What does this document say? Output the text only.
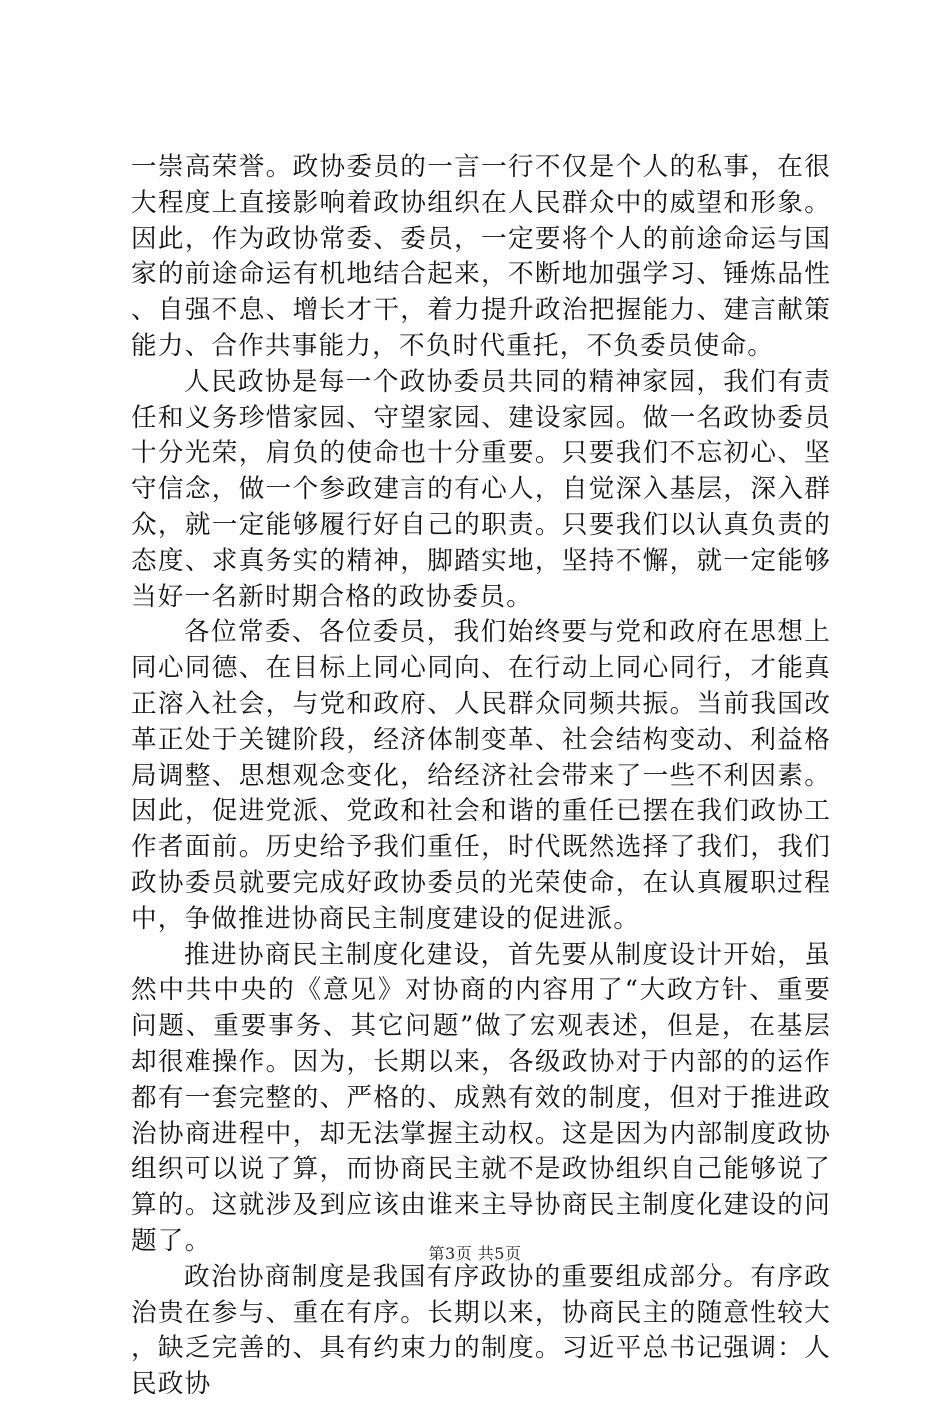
一崇高荣誉。政协委员的一言一行不仅是个人的私事，在很大程度上直接影响着政协组织在人民群众中的威望和形象。因此，作为政协常委、委员，一定要将个人的前途命运与国家的前途命运有机地结合起来，不断地加强学习、锤炼品性、自强不息、增长才干，着力提升政治把握能力、建言献策能力、合作共事能力，不负时代重托，不负委员使命。

人民政协是每一个政协委员共同的精神家园，我们有责任和义务珍惜家园、守望家园、建设家园。做一名政协委员十分光荣，肩负的使命也十分重要。只要我们不忘初心、坚守信念，做一个参政建言的有心人，自觉深入基层，深入群众，就一定能够履行好自己的职责。只要我们以认真负责的态度、求真务实的精神，脚踏实地，坚持不懈，就一定能够当好一名新时期合格的政协委员。

各位常委、各位委员，我们始终要与党和政府在思想上同心同德、在目标上同心同向、在行动上同心同行，才能真正溶入社会，与党和政府、人民群众同频共振。当前我国改革正处于关键阶段，经济体制变革、社会结构变动、利益格局调整、思想观念变化，给经济社会带来了一些不利因素。因此，促进党派、党政和社会和谐的重任已摆在我们政协工作者面前。历史给予我们重任，时代既然选择了我们，我们政协委员就要完成好政协委员的光荣使命，在认真履职过程中，争做推进协商民主制度建设的促进派。

推进协商民主制度化建设，首先要从制度设计开始，虽然中共中央的《意见》对协商的内容用了“大政方针、重要问题、重要事务、其它问题”做了宏观表述，但是，在基层却很难操作。因为，长期以来，各级政协对于内部的的运作都有一套完整的、严格的、成熟有效的制度，但对于推进政治协商进程中，却无法掌握主动权。这是因为内部制度政协组织可以说了算，而协商民主就不是政协组织自己能够说了算的。这就涉及到应该由谁来主导协商民主制度化建设的问题了。

政治协商制度是我国有序政协的重要组成部分。有序政治贵在参与、重在有序。长期以来，协商民主的随意性较大，缺乏完善的、具有约束力的制度。习近平总书记强调：人民政协

第3页 共5页
